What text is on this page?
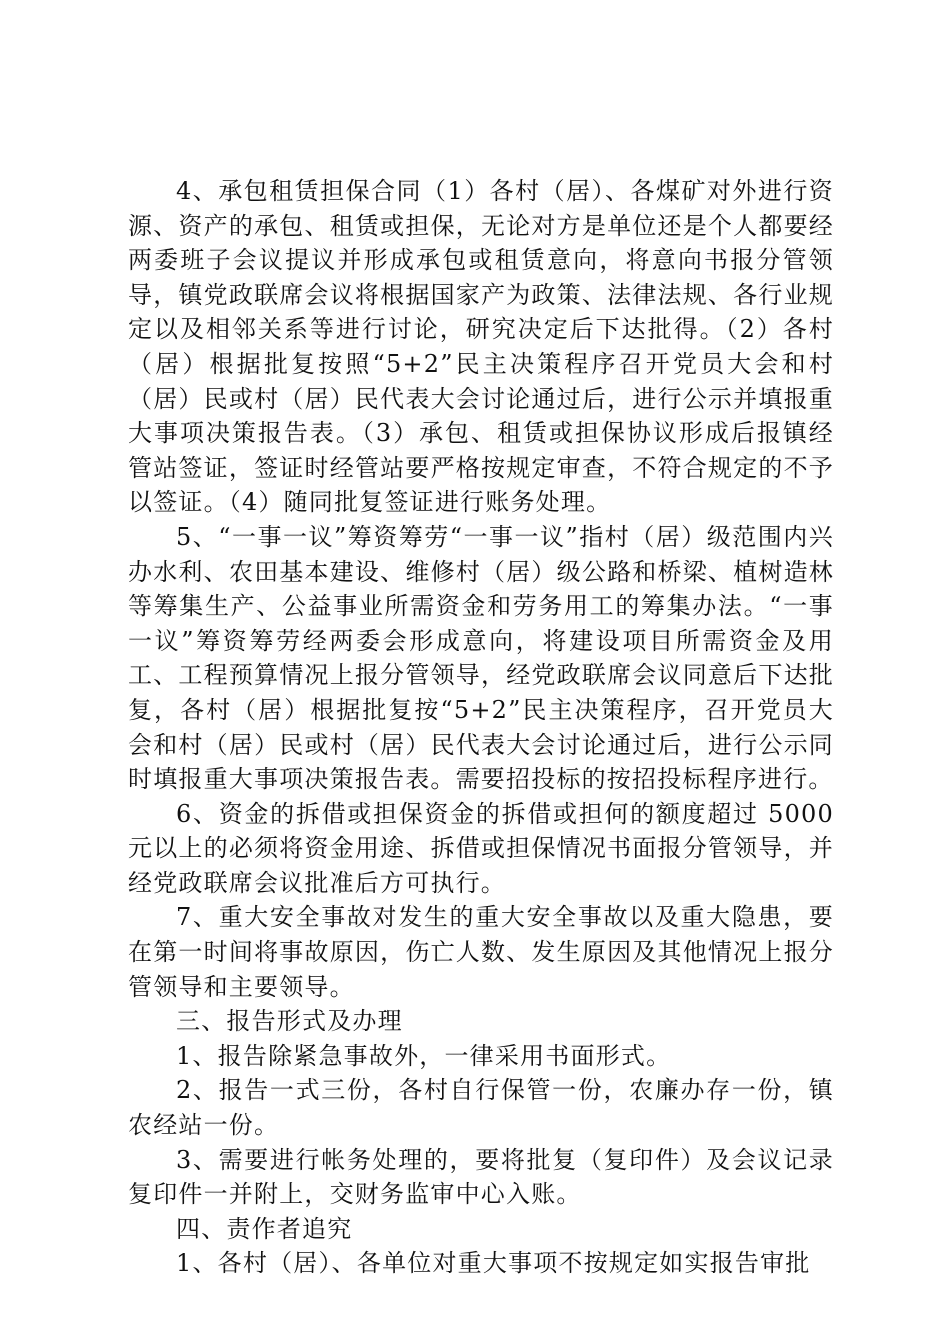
4、承包租赁担保合同（1）各村（居）、各煤矿对外进行资源、资产的承包、租赁或担保，无论对方是单位还是个人都要经两委班子会议提议并形成承包或租赁意向，将意向书报分管领导，镇党政联席会议将根据国家产为政策、法律法规、各行业规定以及相邻关系等进行讨论，研究决定后下达批得。（2）各村（居）根据批复按照“5+2”民主决策程序召开党员大会和村（居）民或村（居）民代表大会讨论通过后，进行公示并填报重大事项决策报告表。（3）承包、租赁或担保协议形成后报镇经管站签证，签证时经管站要严格按规定审查，不符合规定的不予以签证。（4）随同批复签证进行账务处理。

5、“一事一议”筹资筹劳“一事一议”指村（居）级范围内兴办水利、农田基本建设、维修村（居）级公路和桥梁、植树造林等筹集生产、公益事业所需资金和劳务用工的筹集办法。“一事一议”筹资筹劳经两委会形成意向，将建设项目所需资金及用工、工程预算情况上报分管领导，经党政联席会议同意后下达批复，各村（居）根据批复按“5+2”民主决策程序，召开党员大会和村（居）民或村（居）民代表大会讨论通过后，进行公示同时填报重大事项决策报告表。需要招投标的按招投标程序进行。

6、资金的拆借或担保资金的拆借或担何的额度超过 5000 元以上的必须将资金用途、拆借或担保情况书面报分管领导，并经党政联席会议批准后方可执行。

7、重大安全事故对发生的重大安全事故以及重大隐患，要在第一时间将事故原因，伤亡人数、发生原因及其他情况上报分管领导和主要领导。

三、报告形式及办理

1、报告除紧急事故外，一律采用书面形式。

2、报告一式三份，各村自行保管一份，农廉办存一份，镇农经站一份。

3、需要进行帐务处理的，要将批复（复印件）及会议记录复印件一并附上，交财务监审中心入账。

四、责作者追究

1、各村（居）、各单位对重大事项不按规定如实报告审批
